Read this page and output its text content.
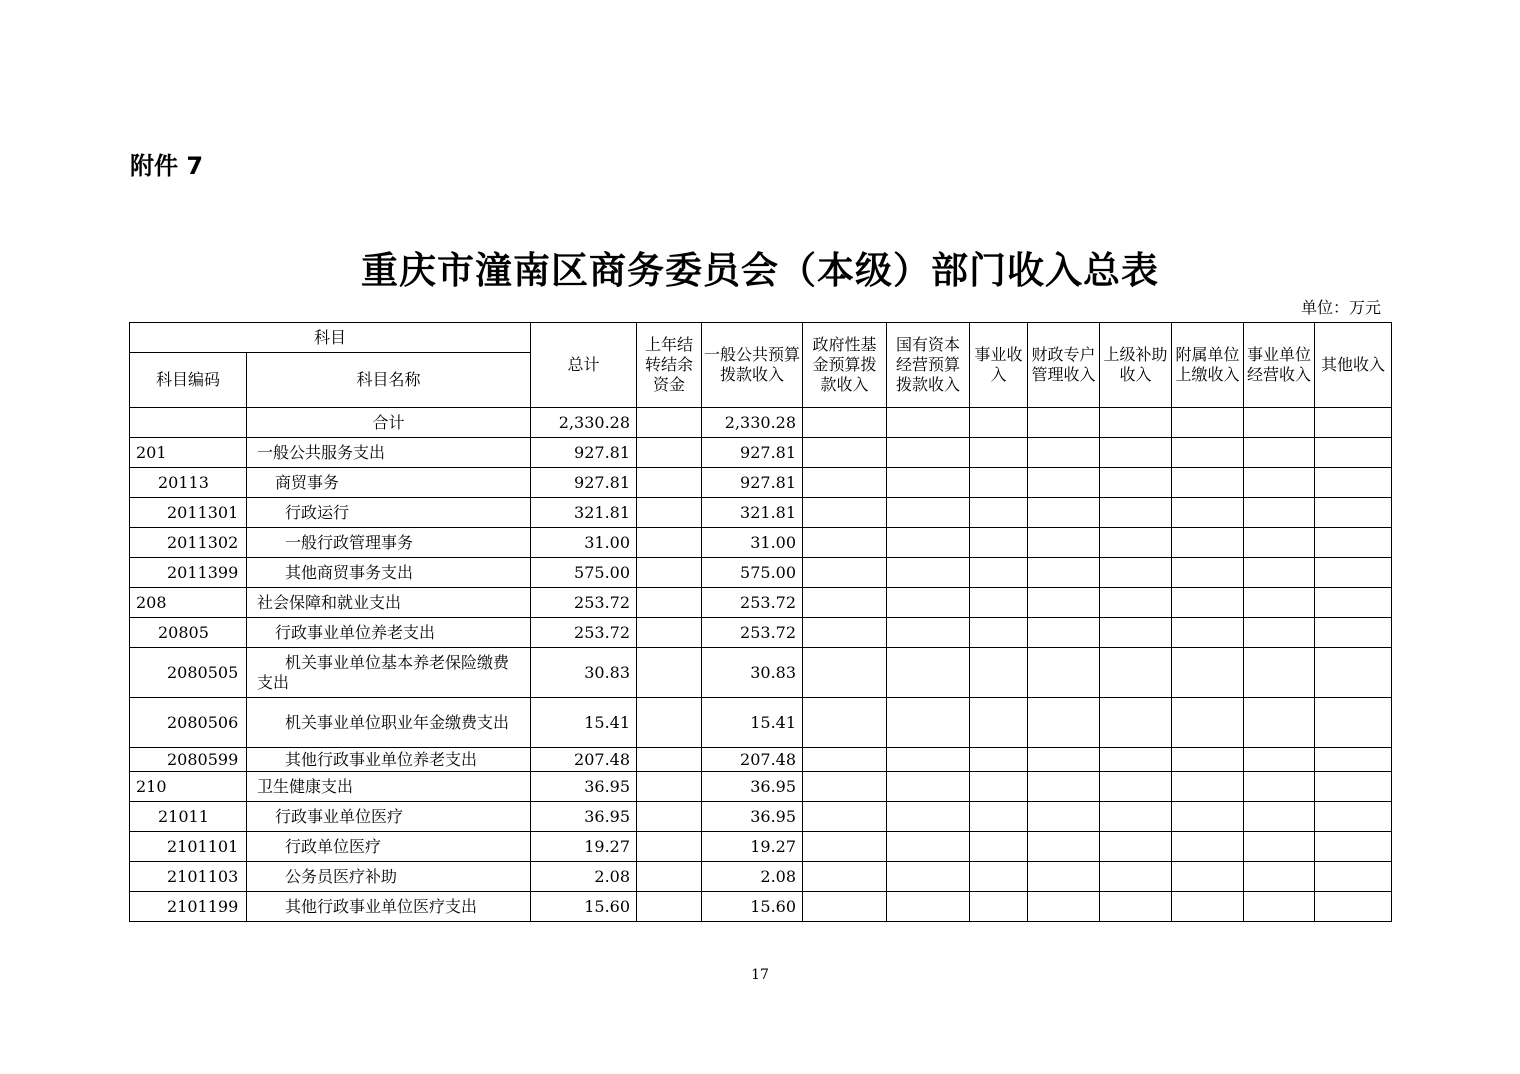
附件 7
重庆市潼南区商务委员会（本级）部门收入总表
单位：万元
科目		总计	上年结转结余资金	一般公共预算拨款收入	政府性基金预算拨款收入	国有资本经营预算拨款收入	事业收入	财政专户管理收入	上级补助收入	附属单位上缴收入	事业单位经营收入	其他收入
科目编码	科目名称											
	合计	2,330.28		2,330.28								
201	一般公共服务支出	927.81		927.81								
20113	商贸事务	927.81		927.81								
2011301	行政运行	321.81		321.81								
2011302	一般行政管理事务	31.00		31.00								
2011399	其他商贸事务支出	575.00		575.00								
208	社会保障和就业支出	253.72		253.72								
20805	行政事业单位养老支出	253.72		253.72								
2080505	机关事业单位基本养老保险缴费支出	30.83		30.83								
2080506	机关事业单位职业年金缴费支出	15.41		15.41								
2080599	其他行政事业单位养老支出	207.48		207.48								
210	卫生健康支出	36.95		36.95								
21011	行政事业单位医疗	36.95		36.95								
2101101	行政单位医疗	19.27		19.27								
2101103	公务员医疗补助	2.08		2.08								
2101199	其他行政事业单位医疗支出	15.60		15.60								
17
